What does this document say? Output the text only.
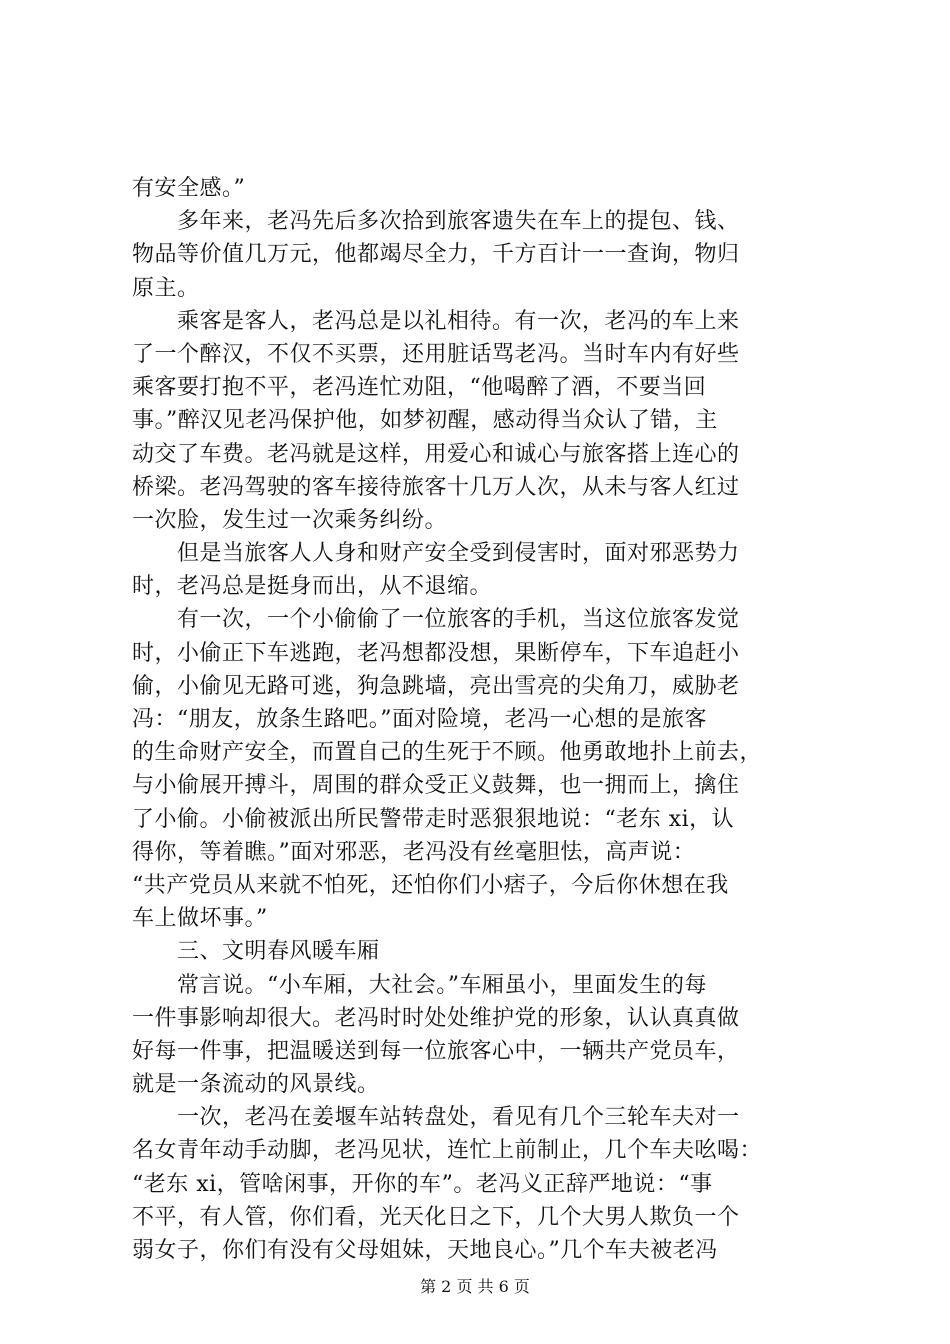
有安全感。”
多年来，老冯先后多次拾到旅客遗失在车上的提包、钱、
物品等价值几万元，他都竭尽全力，千方百计一一查询，物归
原主。
乘客是客人，老冯总是以礼相待。有一次，老冯的车上来
了一个醉汉，不仅不买票，还用脏话骂老冯。当时车内有好些
乘客要打抱不平，老冯连忙劝阻，“他喝醉了酒，不要当回
事。”醉汉见老冯保护他，如梦初醒，感动得当众认了错，主
动交了车费。老冯就是这样，用爱心和诚心与旅客搭上连心的
桥梁。老冯驾驶的客车接待旅客十几万人次，从未与客人红过
一次脸，发生过一次乘务纠纷。
但是当旅客人人身和财产安全受到侵害时，面对邪恶势力
时，老冯总是挺身而出，从不退缩。
有一次，一个小偷偷了一位旅客的手机，当这位旅客发觉
时，小偷正下车逃跑，老冯想都没想，果断停车，下车追赶小
偷，小偷见无路可逃，狗急跳墙，亮出雪亮的尖角刀，威胁老
冯：“朋友，放条生路吧。”面对险境，老冯一心想的是旅客
的生命财产安全，而置自己的生死于不顾。他勇敢地扑上前去，
与小偷展开搏斗，周围的群众受正义鼓舞，也一拥而上，擒住
了小偷。小偷被派出所民警带走时恶狠狠地说：“老东 xi，认
得你，等着瞧。”面对邪恶，老冯没有丝毫胆怯，高声说：
“共产党员从来就不怕死，还怕你们小痞子，今后你休想在我
车上做坏事。”
三、文明春风暖车厢
常言说。“小车厢，大社会。”车厢虽小，里面发生的每
一件事影响却很大。老冯时时处处维护党的形象，认认真真做
好每一件事，把温暖送到每一位旅客心中，一辆共产党员车，
就是一条流动的风景线。
一次，老冯在姜堰车站转盘处，看见有几个三轮车夫对一
名女青年动手动脚，老冯见状，连忙上前制止，几个车夫吆喝：
“老东 xi，管啥闲事，开你的车”。老冯义正辞严地说：“事
不平，有人管，你们看，光天化日之下，几个大男人欺负一个
弱女子，你们有没有父母姐妹，天地良心。”几个车夫被老冯
第 2 页 共 6 页
